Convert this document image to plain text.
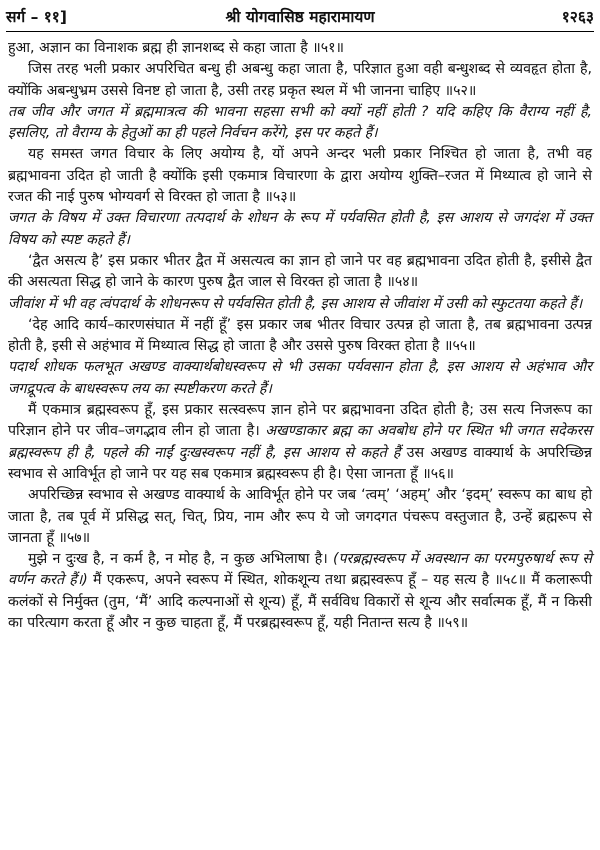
सर्ग – ११]	श्री योगवासिष्ठ महारामायण	१२६३

हुआ, अज्ञान का विनाशक ब्रह्म ही ज्ञानशब्द से कहा जाता है ॥५१॥

जिस तरह भली प्रकार अपरिचित बन्धु ही अबन्धु कहा जाता है, परिज्ञात हुआ वही बन्धुशब्द से व्यवहृत होता है, क्योंकि अबन्धुभ्रम उससे विनष्ट हो जाता है, उसी तरह प्रकृत स्थल में भी जानना चाहिए ॥५२॥

तब जीव और जगत में ब्रह्ममात्रत्व की भावना सहसा सभी को क्यों नहीं होती ? यदि कहिए कि वैराग्य नहीं है, इसलिए, तो वैराग्य के हेतुओं का ही पहले निर्वचन करेंगे, इस पर कहते हैं।

यह समस्त जगत विचार के लिए अयोग्य है, यों अपने अन्दर भली प्रकार निश्चित हो जाता है, तभी वह ब्रह्मभावना उदित हो जाती है क्योंकि इसी एकमात्र विचारणा के द्वारा अयोग्य शुक्ति–रजत में मिथ्यात्व हो जाने से रजत की नाई पुरुष भोग्यवर्ग से विरक्त हो जाता है ॥५३॥

जगत के विषय में उक्त विचारणा तत्पदार्थ के शोधन के रूप में पर्यवसित होती है, इस आशय से जगदंश में उक्त विषय को स्पष्ट कहते हैं।

‘द्वैत असत्य है’ इस प्रकार भीतर द्वैत में असत्यत्व का ज्ञान हो जाने पर वह ब्रह्मभावना उदित होती है, इसीसे द्वैत की असत्यता सिद्ध हो जाने के कारण पुरुष द्वैत जाल से विरक्त हो जाता है ॥५४॥

जीवांश में भी वह त्वंपदार्थ के शोधनरूप से पर्यवसित होती है, इस आशय से जीवांश में उसी को स्फुटतया कहते हैं।

‘देह आदि कार्य–कारणसंघात में नहीं हूँ’ इस प्रकार जब भीतर विचार उत्पन्न हो जाता है, तब ब्रह्मभावना उत्पन्न होती है, इसी से अहंभाव में मिथ्यात्व सिद्ध हो जाता है और उससे पुरुष विरक्त होता है ॥५५॥

पदार्थ शोधक फलभूत अखण्ड वाक्यार्थबोधस्वरूप से भी उसका पर्यवसान होता है, इस आशय से अहंभाव और जगद्रूपत्व के बाधस्वरूप लय का स्पष्टीकरण करते हैं।

मैं एकमात्र ब्रह्मस्वरूप हूँ, इस प्रकार सत्स्वरूप ज्ञान होने पर ब्रह्मभावना उदित होती है; उस सत्य निजरूप का परिज्ञान होने पर जीव–जगद्भाव लीन हो जाता है। अखण्डाकार ब्रह्म का अवबोध होने पर स्थित भी जगत सदेकरस ब्रह्मस्वरूप ही है, पहले की नाईं दुःखस्वरूप नहीं है, इस आशय से कहते हैं उस अखण्ड वाक्यार्थ के अपरिच्छिन्न स्वभाव से आविर्भूत हो जाने पर यह सब एकमात्र ब्रह्मस्वरूप ही है। ऐसा जानता हूँ ॥५६॥

अपरिच्छिन्न स्वभाव से अखण्ड वाक्यार्थ के आविर्भूत होने पर जब ‘त्वम्’ ‘अहम्’ और ‘इदम्’ स्वरूप का बाध हो जाता है, तब पूर्व में प्रसिद्ध सत्, चित्, प्रिय, नाम और रूप ये जो जगदगत पंचरूप वस्तुजात है, उन्हें ब्रह्मरूप से जानता हूँ ॥५७॥

मुझे न दुःख है, न कर्म है, न मोह है, न कुछ अभिलाषा है। (परब्रह्मस्वरूप में अवस्थान का परमपुरुषार्थ रूप से वर्णन करते हैं।) मैं एकरूप, अपने स्वरूप में स्थित, शोकशून्य तथा ब्रह्मस्वरूप हूँ – यह सत्य है ॥५८॥ मैं कलारूपी कलंकों से निर्मुक्त (तुम, ‘मैं’ आदि कल्पनाओं से शून्य) हूँ, मैं सर्वविध विकारों से शून्य और सर्वात्मक हूँ, मैं न किसी का परित्याग करता हूँ और न कुछ चाहता हूँ, मैं परब्रह्मस्वरूप हूँ, यही नितान्त सत्य है ॥५९॥
